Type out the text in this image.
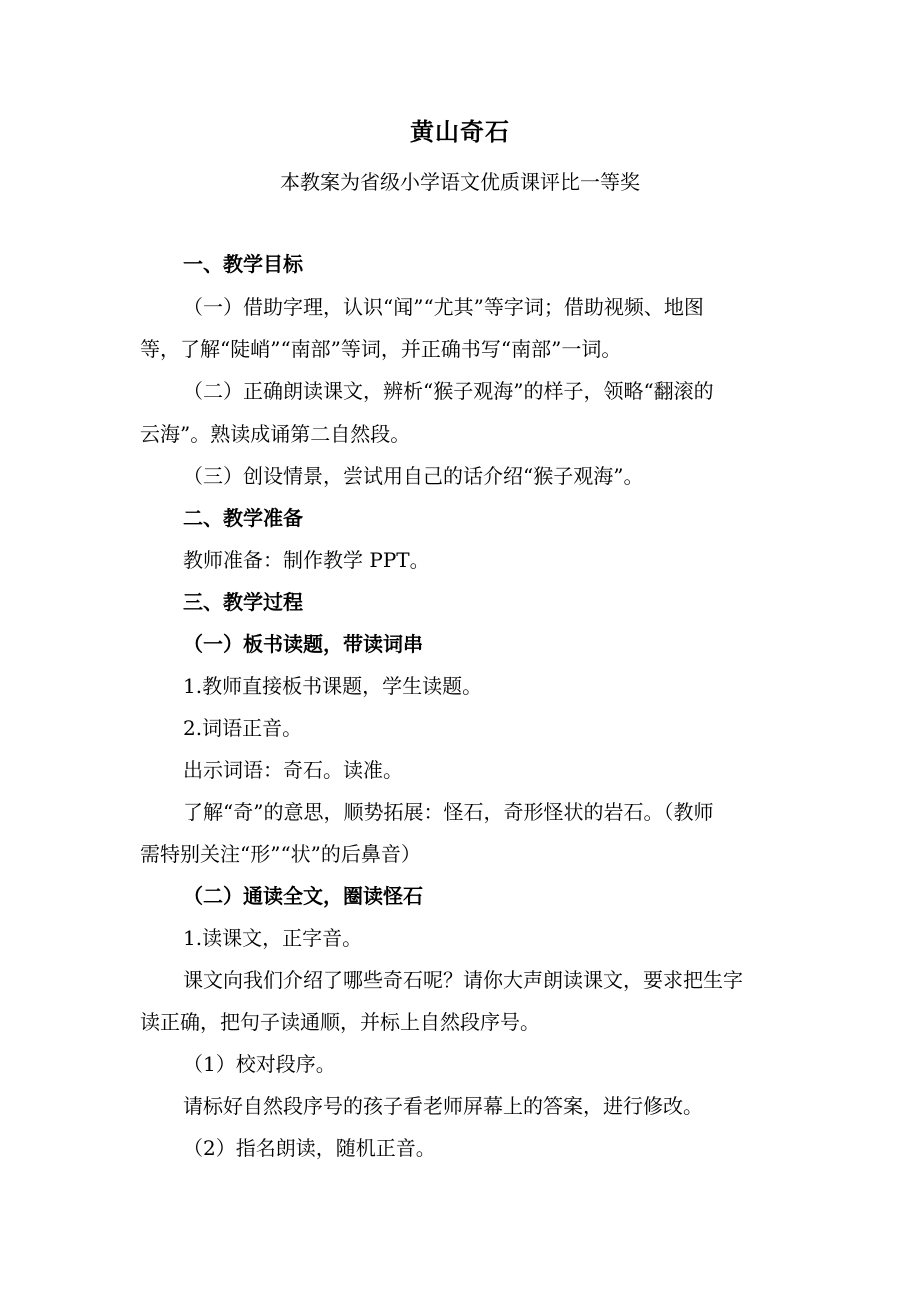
黄山奇石
本教案为省级小学语文优质课评比一等奖
一、教学目标
（一）借助字理，认识“闻”“尤其”等字词；借助视频、地图
等，了解“陡峭”“南部”等词，并正确书写“南部”一词。
（二）正确朗读课文，辨析“猴子观海”的样子，领略“翻滚的
云海”。熟读成诵第二自然段。
（三）创设情景，尝试用自己的话介绍“猴子观海”。
二、教学准备
教师准备：制作教学 PPT。
三、教学过程
（一）板书读题，带读词串
1.教师直接板书课题，学生读题。
2.词语正音。
出示词语：奇石。读准。
了解“奇”的意思，顺势拓展：怪石，奇形怪状的岩石。（教师
需特别关注“形”“状”的后鼻音）
（二）通读全文，圈读怪石
1.读课文，正字音。
课文向我们介绍了哪些奇石呢？请你大声朗读课文，要求把生字
读正确，把句子读通顺，并标上自然段序号。
（1）校对段序。
请标好自然段序号的孩子看老师屏幕上的答案，进行修改。
（2）指名朗读，随机正音。
